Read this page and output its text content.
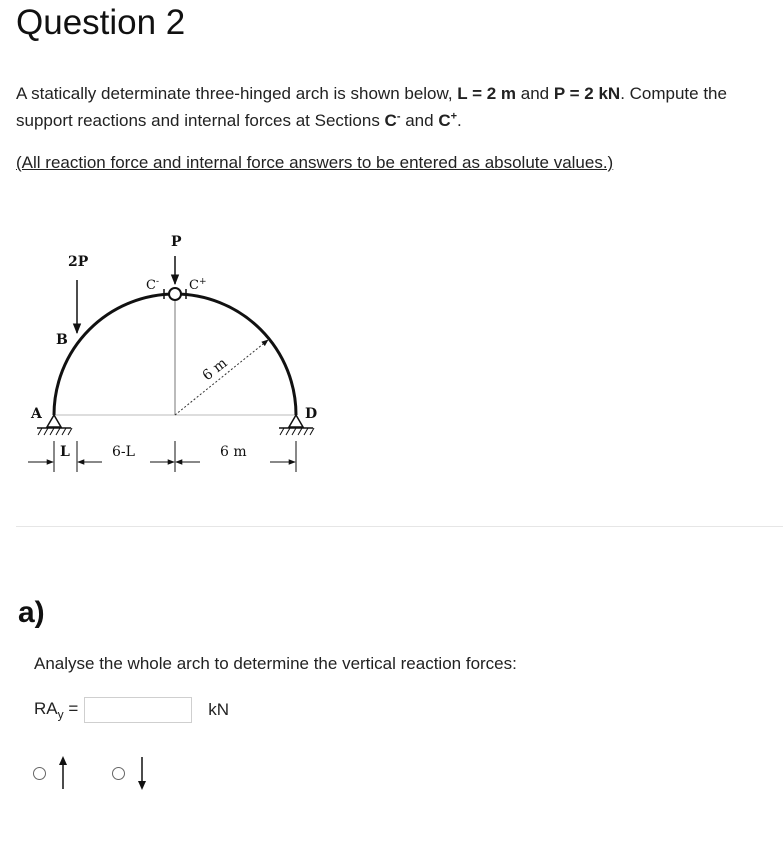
Question 2

A statically determinate three-hinged arch is shown below, L = 2 m and P = 2 kN. Compute the support reactions and internal forces at Sections C- and C+.

(All reaction force and internal force answers to be entered as absolute values.)

6 m
P
C- C+
2P
B
A	D
L	6-L	6 m
a)

Analyse the whole arch to determine the vertical reaction forces:

$RA_y$ =	kN
